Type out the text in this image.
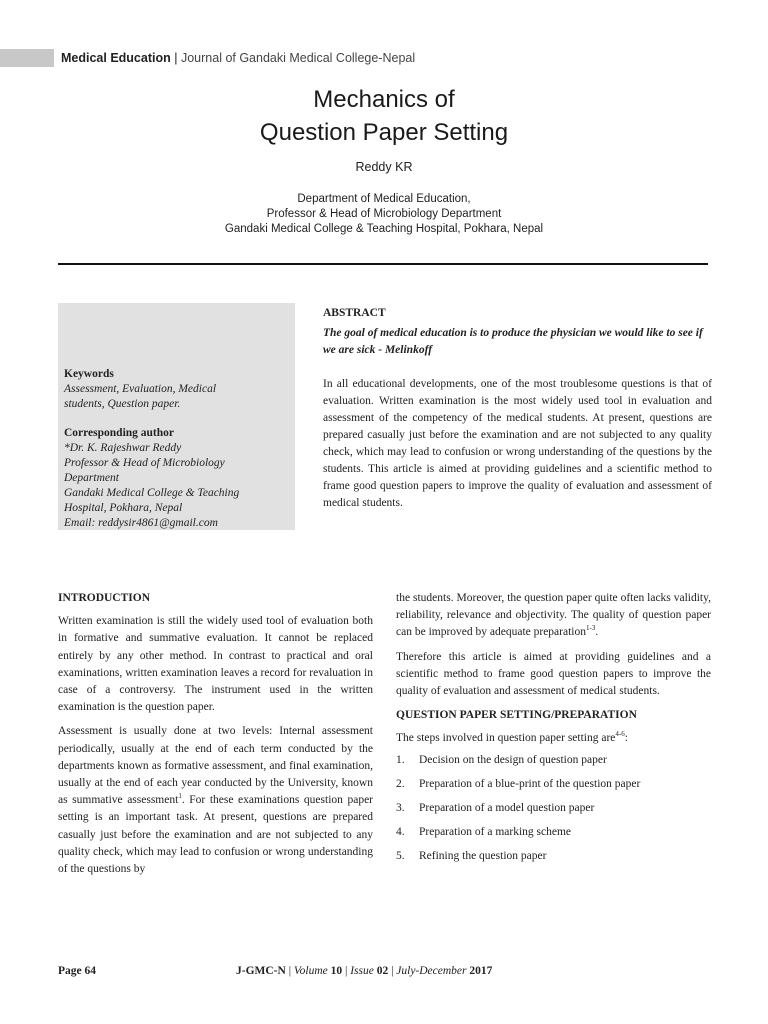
Medical Education | Journal of Gandaki Medical College-Nepal
Mechanics of
Question Paper Setting
Reddy KR
Department of Medical Education,
Professor & Head of Microbiology Department
Gandaki Medical College & Teaching Hospital, Pokhara, Nepal
Keywords
Assessment, Evaluation, Medical
students, Question paper.
Corresponding author
*Dr. K. Rajeshwar Reddy
Professor & Head of Microbiology
Department
Gandaki Medical College & Teaching
Hospital, Pokhara, Nepal
Email: reddysir4861@gmail.com
ABSTRACT
The goal of medical education is to produce the physician we would like to see if we are sick - Melinkoff
In all educational developments, one of the most troublesome questions is that of evaluation. Written examination is the most widely used tool in evaluation and assessment of the competency of the medical students. At present, questions are prepared casually just before the examination and are not subjected to any quality check, which may lead to confusion or wrong understanding of the questions by the students. This article is aimed at providing guidelines and a scientific method to frame good question papers to improve the quality of evaluation and assessment of medical students.
INTRODUCTION

Written examination is still the widely used tool of evaluation both in formative and summative evaluation. It cannot be replaced entirely by any other method. In contrast to practical and oral examinations, written examination leaves a record for revaluation in case of a controversy. The instrument used in the written examination is the question paper.

Assessment is usually done at two levels: Internal assessment periodically, usually at the end of each term conducted by the departments known as formative assessment, and final examination, usually at the end of each year conducted by the University, known as summative assessment$^1$. For these examinations question paper setting is an important task. At present, questions are prepared casually just before the examination and are not subjected to any quality check, which may lead to confusion or wrong understanding of the questions by

the students. Moreover, the question paper quite often lacks validity, reliability, relevance and objectivity. The quality of question paper can be improved by adequate preparation$^{1-3}$.

Therefore this article is aimed at providing guidelines and a scientific method to frame good question papers to improve the quality of evaluation and assessment of medical students.

QUESTION PAPER SETTING/PREPARATION

The steps involved in question paper setting are$^{4-6}$:

1.	Decision on the design of question paper
2.	Preparation of a blue-print of the question paper
3.	Preparation of a model question paper
4.	Preparation of a marking scheme
5.	Refining the question paper
Page 64	J-GMC-N | Volume 10 | Issue 02 | July-December 2017
